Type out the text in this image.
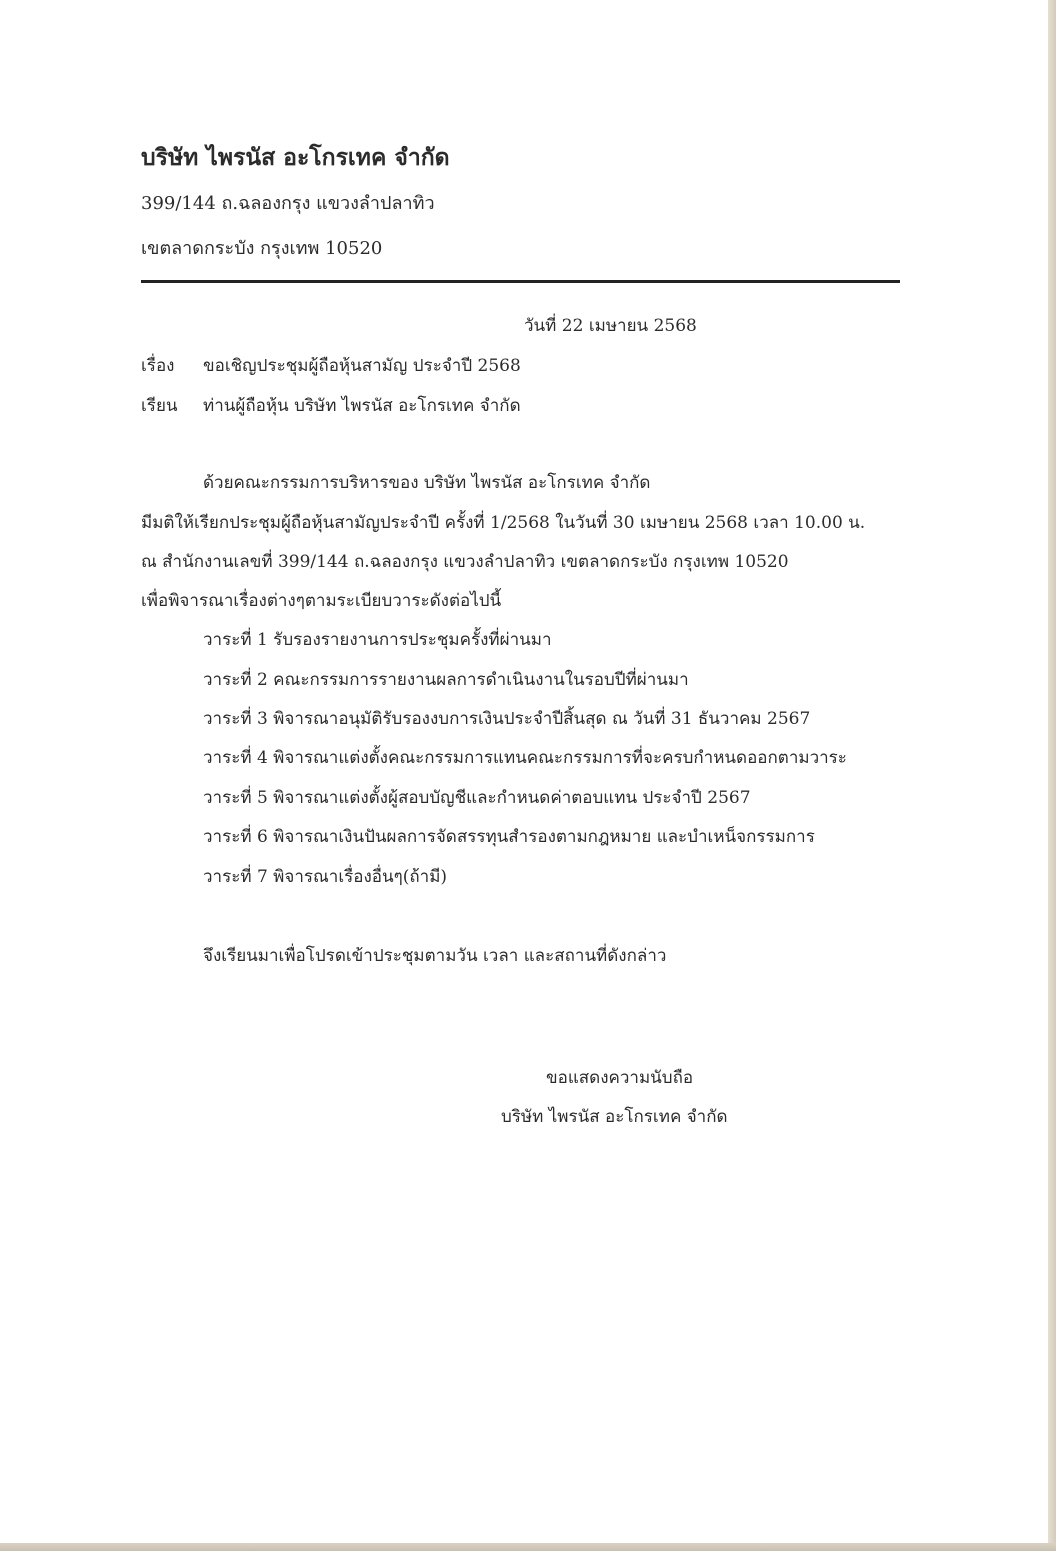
บริษัท ไพรนัส อะโกรเทค จำกัด
399/144 ถ.ฉลองกรุง แขวงลำปลาทิว
เขตลาดกระบัง กรุงเทพ 10520
วันที่ 22 เมษายน 2568
เรื่อง ขอเชิญประชุมผู้ถือหุ้นสามัญ ประจำปี 2568
เรียน ท่านผู้ถือหุ้น บริษัท ไพรนัส อะโกรเทค จำกัด
ด้วยคณะกรรมการบริหารของ บริษัท ไพรนัส อะโกรเทค จำกัด
มีมติให้เรียกประชุมผู้ถือหุ้นสามัญประจำปี ครั้งที่ 1/2568 ในวันที่ 30 เมษายน 2568 เวลา 10.00 น.
ณ สำนักงานเลขที่ 399/144 ถ.ฉลองกรุง แขวงลำปลาทิว เขตลาดกระบัง กรุงเทพ 10520
เพื่อพิจารณาเรื่องต่างๆตามระเบียบวาระดังต่อไปนี้
วาระที่ 1 รับรองรายงานการประชุมครั้งที่ผ่านมา
วาระที่ 2 คณะกรรมการรายงานผลการดำเนินงานในรอบปีที่ผ่านมา
วาระที่ 3 พิจารณาอนุมัติรับรองงบการเงินประจำปีสิ้นสุด ณ วันที่ 31 ธันวาคม 2567
วาระที่ 4 พิจารณาแต่งตั้งคณะกรรมการแทนคณะกรรมการที่จะครบกำหนดออกตามวาระ
วาระที่ 5 พิจารณาแต่งตั้งผู้สอบบัญชีและกำหนดค่าตอบแทน ประจำปี 2567
วาระที่ 6 พิจารณาเงินปันผลการจัดสรรทุนสำรองตามกฎหมาย และบำเหน็จกรรมการ
วาระที่ 7 พิจารณาเรื่องอื่นๆ(ถ้ามี)
จึงเรียนมาเพื่อโปรดเข้าประชุมตามวัน เวลา และสถานที่ดังกล่าว
ขอแสดงความนับถือ
บริษัท ไพรนัส อะโกรเทค จำกัด
